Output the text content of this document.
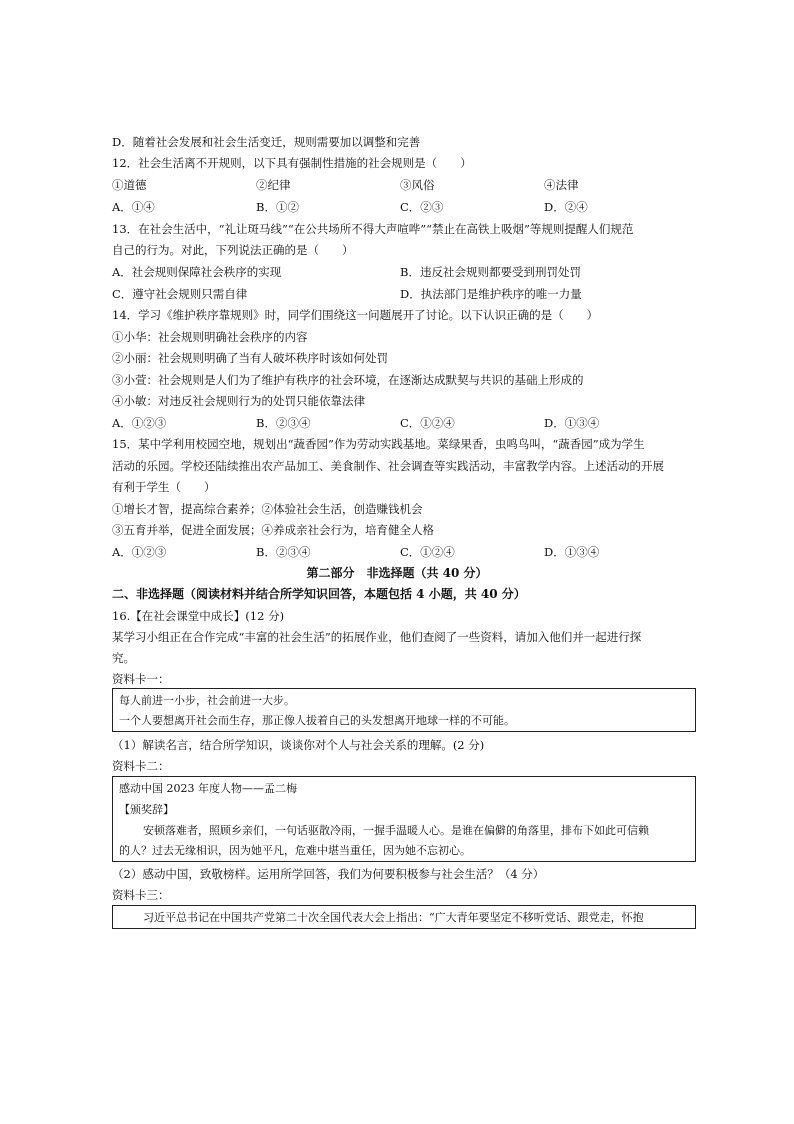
D．随着社会发展和社会生活变迁，规则需要加以调整和完善
12．社会生活离不开规则，以下具有强制性措施的社会规则是（　　）
①道德	②纪律	③风俗	④法律
A．①④	B．①②	C．②③	D．②④
13．在社会生活中，“礼让斑马线”“在公共场所不得大声喧哗”“禁止在高铁上吸烟”等规则提醒人们规范
自己的行为。对此，下列说法正确的是（　　）
A．社会规则保障社会秩序的实现	B．违反社会规则都要受到刑罚处罚
C．遵守社会规则只需自律	D．执法部门是维护秩序的唯一力量
14．学习《维护秩序靠规则》时，同学们围绕这一问题展开了讨论。以下认识正确的是（　　）
①小华：社会规则明确社会秩序的内容
②小丽：社会规则明确了当有人破坏秩序时该如何处罚
③小萱：社会规则是人们为了维护有秩序的社会环境，在逐渐达成默契与共识的基础上形成的
④小敏：对违反社会规则行为的处罚只能依靠法律
A．①②③	B．②③④	C．①②④	D．①③④
15．某中学利用校园空地，规划出“蔬香园”作为劳动实践基地。菜绿果香，虫鸣鸟叫，“蔬香园”成为学生
活动的乐园。学校还陆续推出农产品加工、美食制作、社会调查等实践活动，丰富教学内容。上述活动的开展
有利于学生（　　）
①增长才智，提高综合素养；②体验社会生活，创造赚钱机会
③五育并举，促进全面发展；④养成亲社会行为，培育健全人格
A．①②③	B．②③④	C．①②④	D．①③④
第二部分　非选择题（共 40 分）
二、非选择题（阅读材料并结合所学知识回答，本题包括 4 小题，共 40 分）
16.【在社会课堂中成长】(12 分)
某学习小组正在合作完成“丰富的社会生活”的拓展作业，他们查阅了一些资料，请加入他们并一起进行探
究。
资料卡一：
每人前进一小步，社会前进一大步。
一个人要想离开社会而生存，那正像人拔着自己的头发想离开地球一样的不可能。
（1）解读名言，结合所学知识，谈谈你对个人与社会关系的理解。(2 分)
资料卡二：
感动中国 2023 年度人物——孟二梅
【颁奖辞】
安顿落难者，照顾乡亲们，一句话驱散冷雨，一握手温暖人心。是谁在偏僻的角落里，排布下如此可信赖
的人？过去无缘相识，因为她平凡，危难中堪当重任，因为她不忘初心。
（2）感动中国，致敬榜样。运用所学回答，我们为何要积极参与社会生活？（4 分）
资料卡三：
习近平总书记在中国共产党第二十次全国代表大会上指出：“广大青年要坚定不移听党话、跟党走，怀抱
